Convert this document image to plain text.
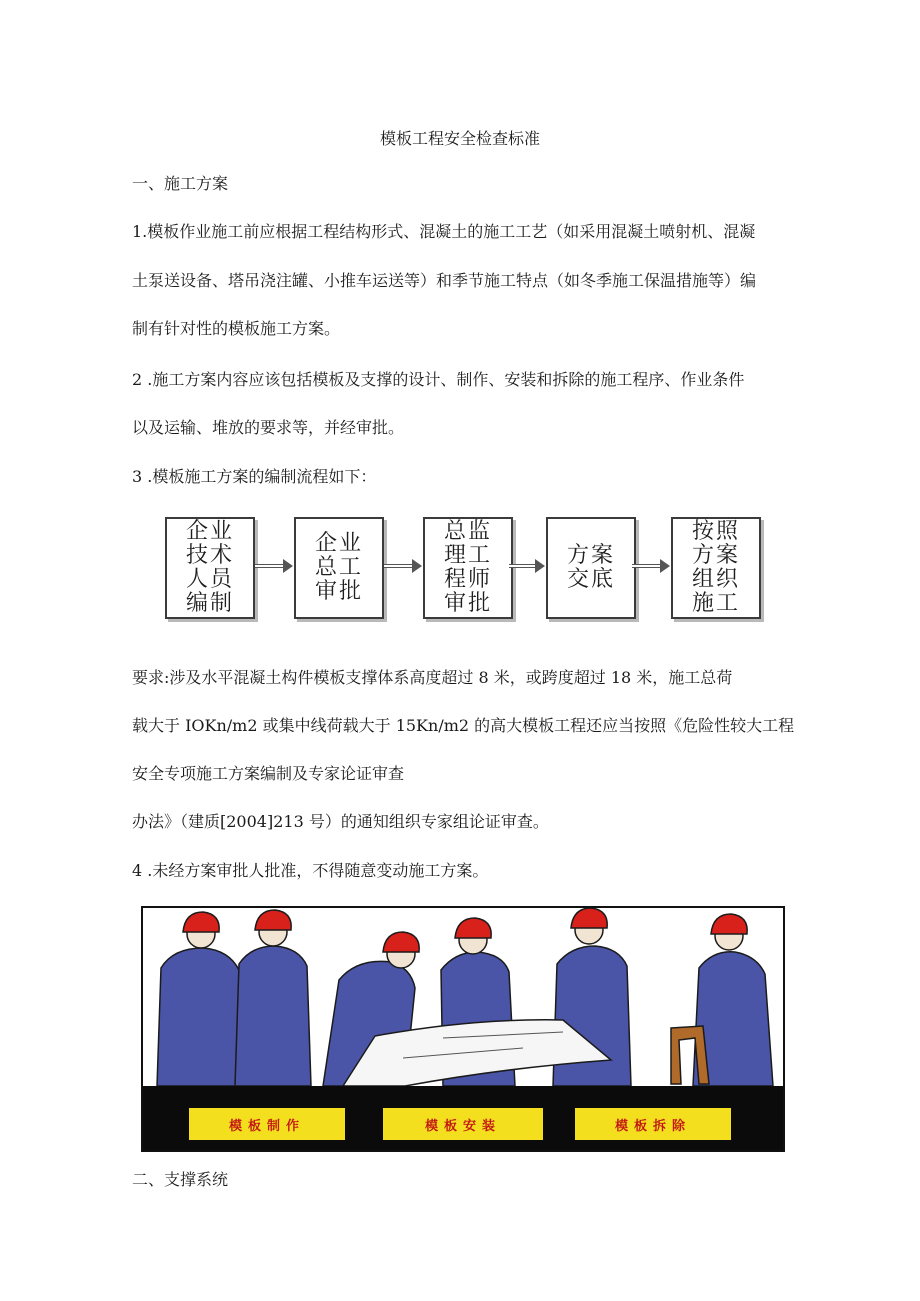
模板工程安全检查标准
一、施工方案
1.模板作业施工前应根据工程结构形式、混凝土的施工工艺（如采用混凝土喷射机、混凝
土泵送设备、塔吊浇注罐、小推车运送等）和季节施工特点（如冬季施工保温措施等）编
制有针对性的模板施工方案。
2 .施工方案内容应该包括模板及支撑的设计、制作、安装和拆除的施工程序、作业条件
以及运输、堆放的要求等，并经审批。
3 .模板施工方案的编制流程如下：
企业技术人员编制
企业总工审批
总监理工程师审批
方案交底
按照方案组织施工
要求:涉及水平混凝土构件模板支撑体系高度超过 8 米，或跨度超过 18 米，施工总荷
载大于 IOKn/m2 或集中线荷载大于 15Kn/m2 的高大模板工程还应当按照《危险性较大工程
安全专项施工方案编制及专家论证审查
办法》（建质[2004]213 号）的通知组织专家组论证审查。
4 .未经方案审批人批准，不得随意变动施工方案。
模板制作	模板安装	模板拆除
二、支撑系统
